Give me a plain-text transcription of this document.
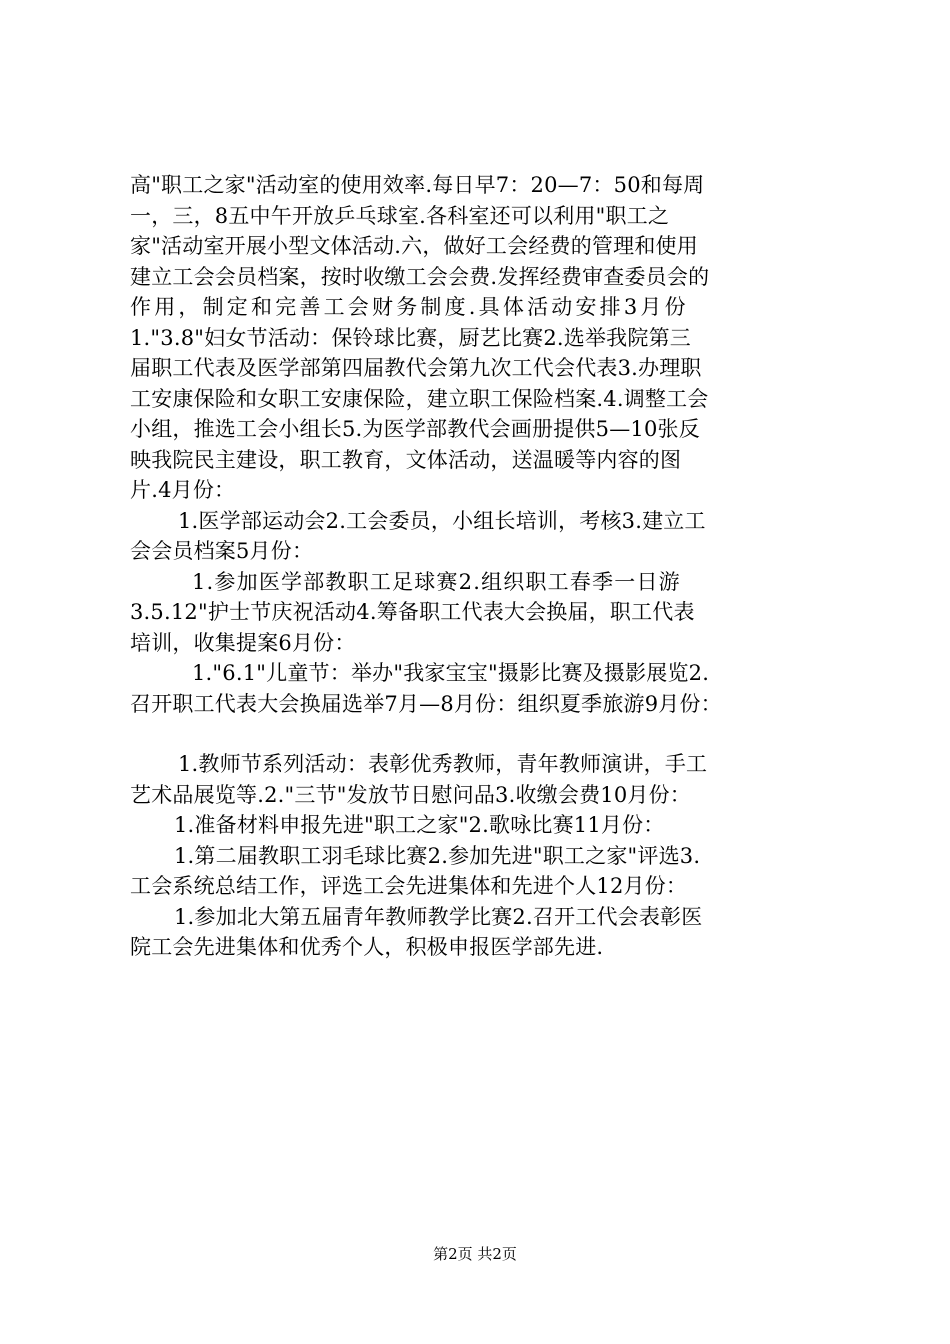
高"职工之家"活动室的使用效率.每日早7：20—7：50和每周
一，三，8五中午开放乒乓球室.各科室还可以利用"职工之
家"活动室开展小型文体活动.六，做好工会经费的管理和使用
建立工会会员档案，按时收缴工会会费.发挥经费审查委员会的
作用，制定和完善工会财务制度.具体活动安排3月份
1."3.8"妇女节活动：保铃球比赛，厨艺比赛2.选举我院第三
届职工代表及医学部第四届教代会第九次工代会代表3.办理职
工安康保险和女职工安康保险，建立职工保险档案.4.调整工会
小组，推选工会小组长5.为医学部教代会画册提供5—10张反
映我院民主建设，职工教育，文体活动，送温暖等内容的图
片.4月份：
1.医学部运动会2.工会委员，小组长培训，考核3.建立工
会会员档案5月份：
1.参加医学部教职工足球赛2.组织职工春季一日游
3.5.12"护士节庆祝活动4.筹备职工代表大会换届，职工代表
培训，收集提案6月份：
1."6.1"儿童节：举办"我家宝宝"摄影比赛及摄影展览2.
召开职工代表大会换届选举7月—8月份：组织夏季旅游9月份：
1.教师节系列活动：表彰优秀教师，青年教师演讲，手工
艺术品展览等.2."三节"发放节日慰问品3.收缴会费10月份：
1.准备材料申报先进"职工之家"2.歌咏比赛11月份：
1.第二届教职工羽毛球比赛2.参加先进"职工之家"评选3.
工会系统总结工作，评选工会先进集体和先进个人12月份：
1.参加北大第五届青年教师教学比赛2.召开工代会表彰医
院工会先进集体和优秀个人，积极申报医学部先进.
第2页 共2页
